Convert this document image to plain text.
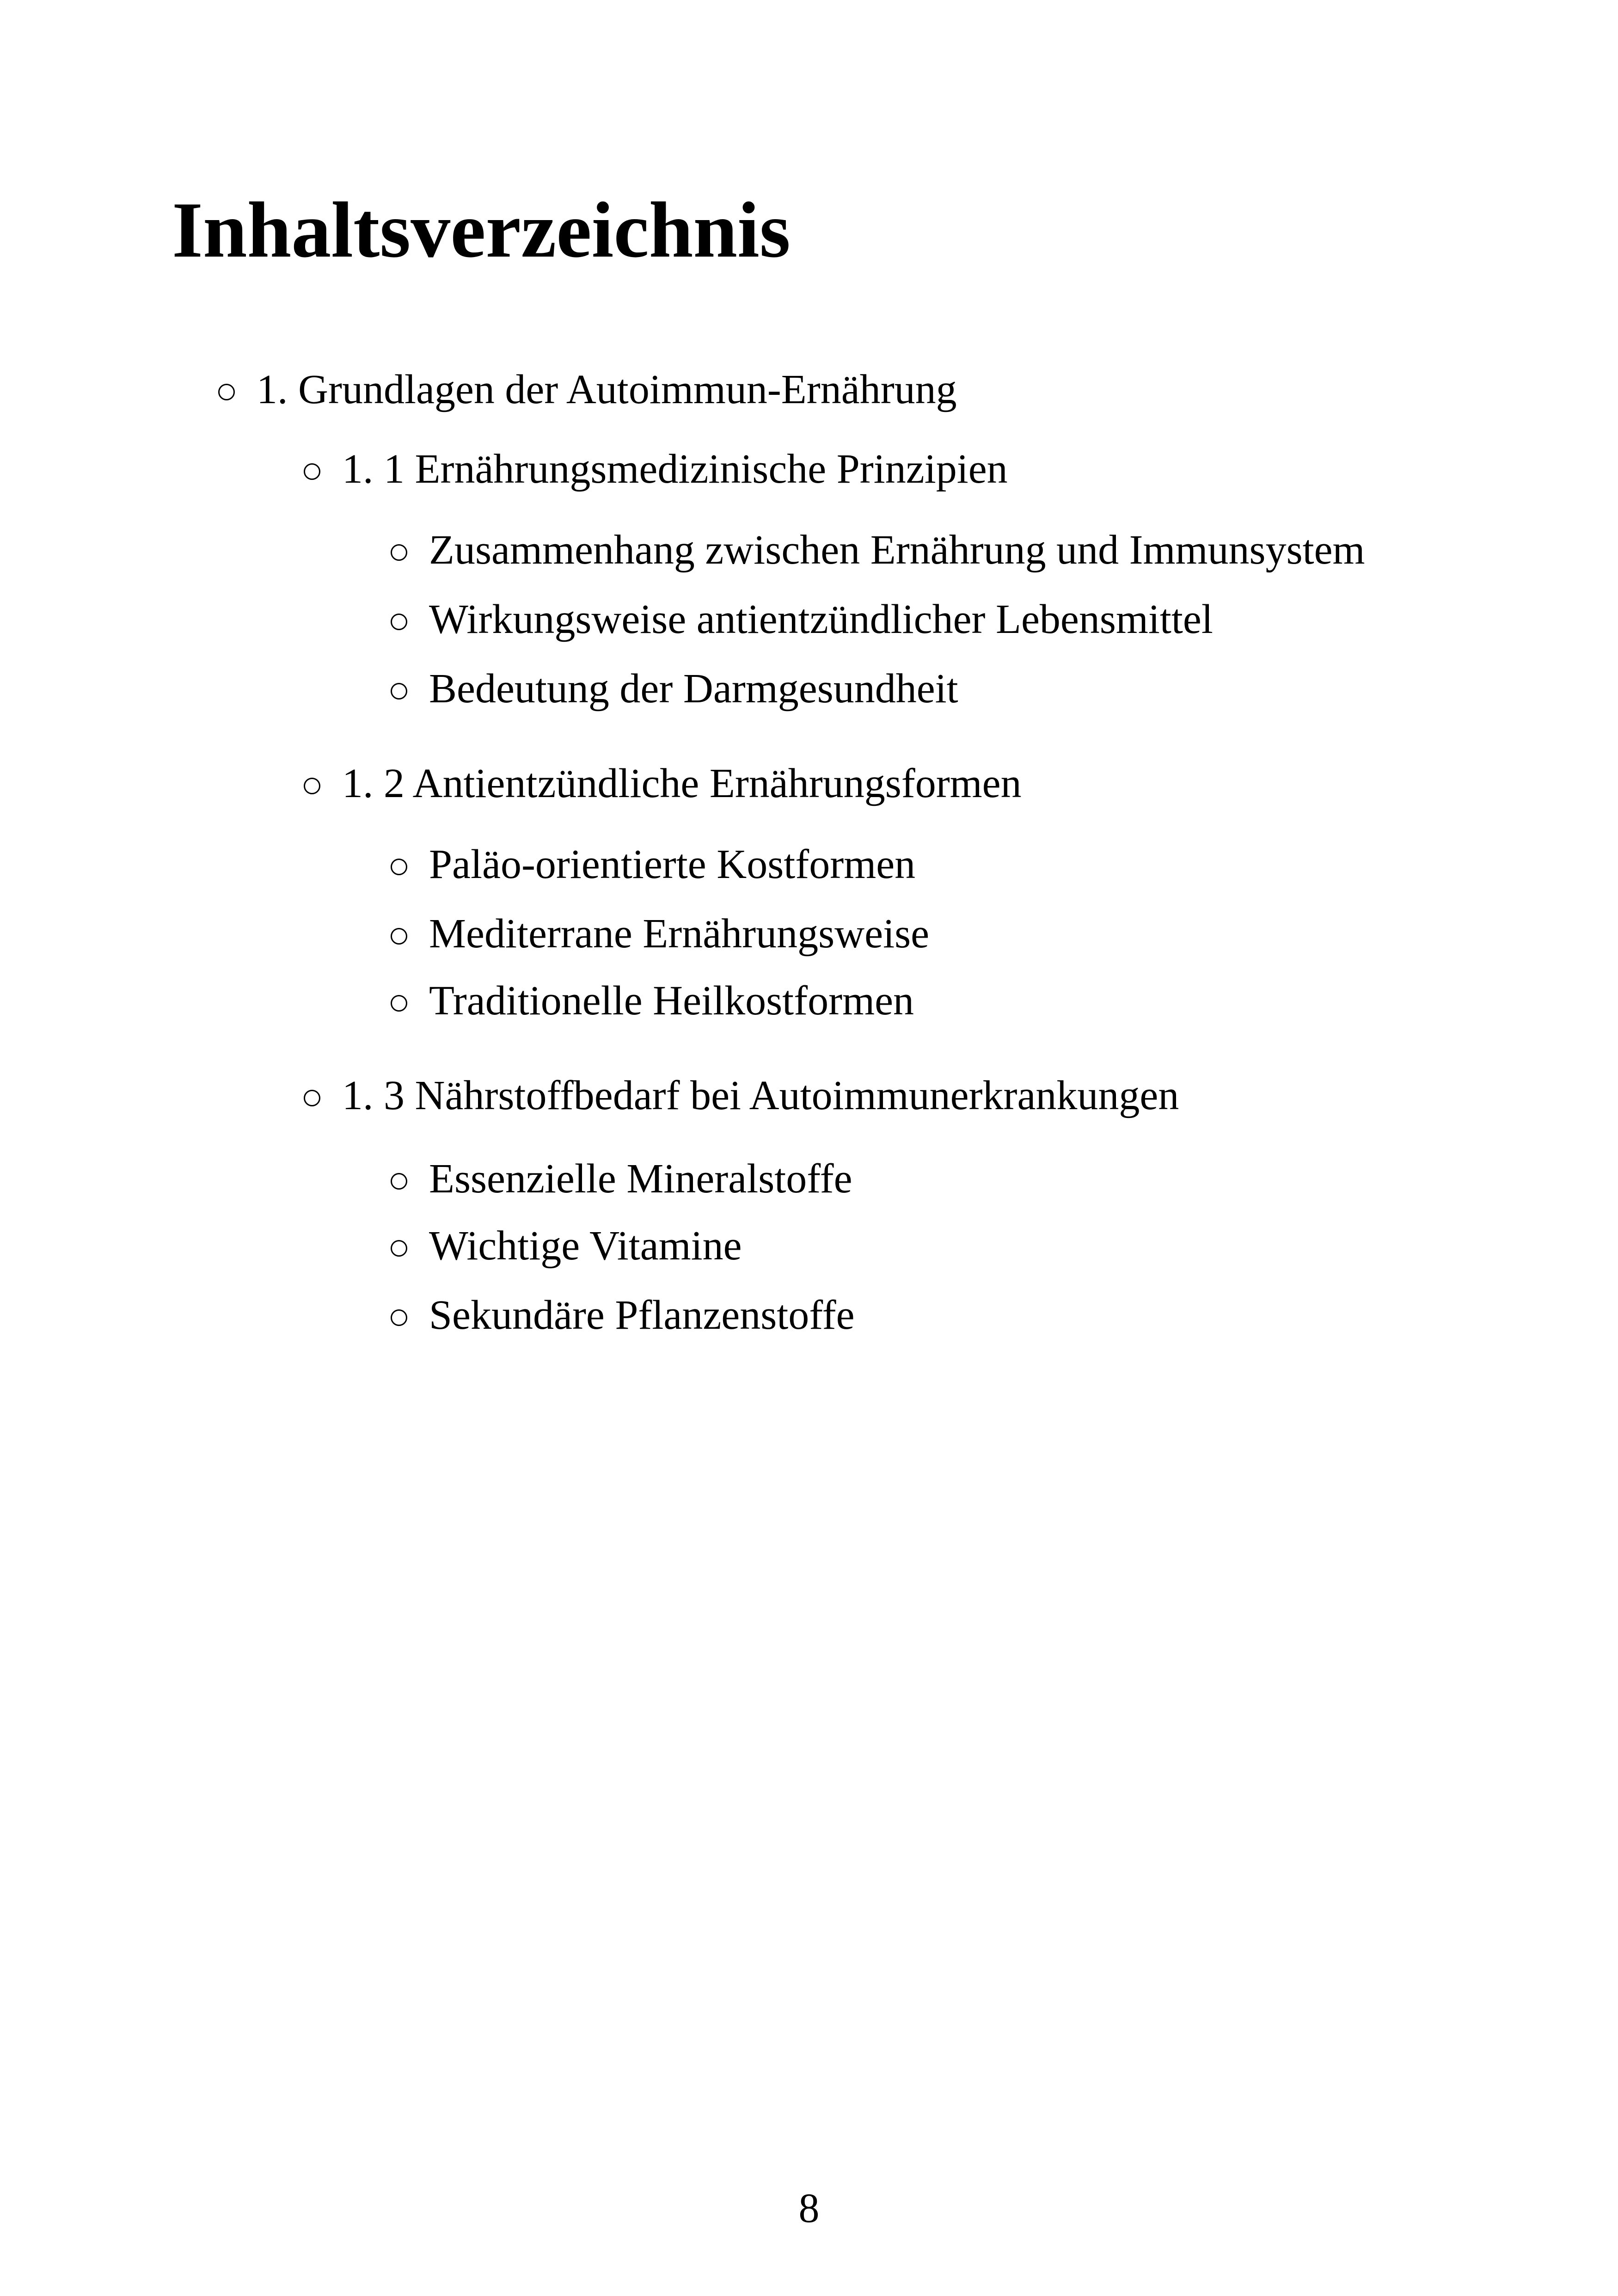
Inhaltsverzeichnis
1. Grundlagen der Autoimmun-Ernährung
1. 1 Ernährungsmedizinische Prinzipien
Zusammenhang zwischen Ernährung und Immunsystem
Wirkungsweise antientzündlicher Lebensmittel
Bedeutung der Darmgesundheit
1. 2 Antientzündliche Ernährungsformen
Paläo-orientierte Kostformen
Mediterrane Ernährungsweise
Traditionelle Heilkostformen
1. 3 Nährstoffbedarf bei Autoimmunerkrankungen
Essenzielle Mineralstoffe
Wichtige Vitamine
Sekundäre Pflanzenstoffe
8
